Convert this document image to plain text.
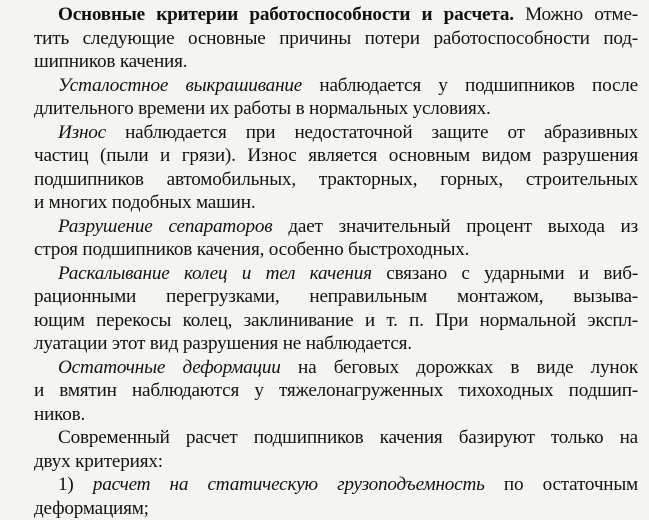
Основные критерии работоспособности и расчета. Можно отме-
тить следующие основные причины потери работоспособности под-
шипников качения.
Усталостное выкрашивание наблюдается у подшипников после
длительного времени их работы в нормальных условиях.
Износ наблюдается при недостаточной защите от абразивных
частиц (пыли и грязи). Износ является основным видом разрушения
подшипников автомобильных, тракторных, горных, строительных
и многих подобных машин.
Разрушение сепараторов дает значительный процент выхода из
строя подшипников качения, особенно быстроходных.
Раскалывание колец и тел качения связано с ударными и виб-
рационными перегрузками, неправильным монтажом, вызыва-
ющим перекосы колец, заклинивание и т. п. При нормальной экспл-
луатации этот вид разрушения не наблюдается.
Остаточные деформации на беговых дорожках в виде лунок
и вмятин наблюдаются у тяжелонагруженных тихоходных подшип-
ников.
Современный расчет подшипников качения базируют только на
двух критериях:
1) расчет на статическую грузоподъемность по остаточным
деформациям;
